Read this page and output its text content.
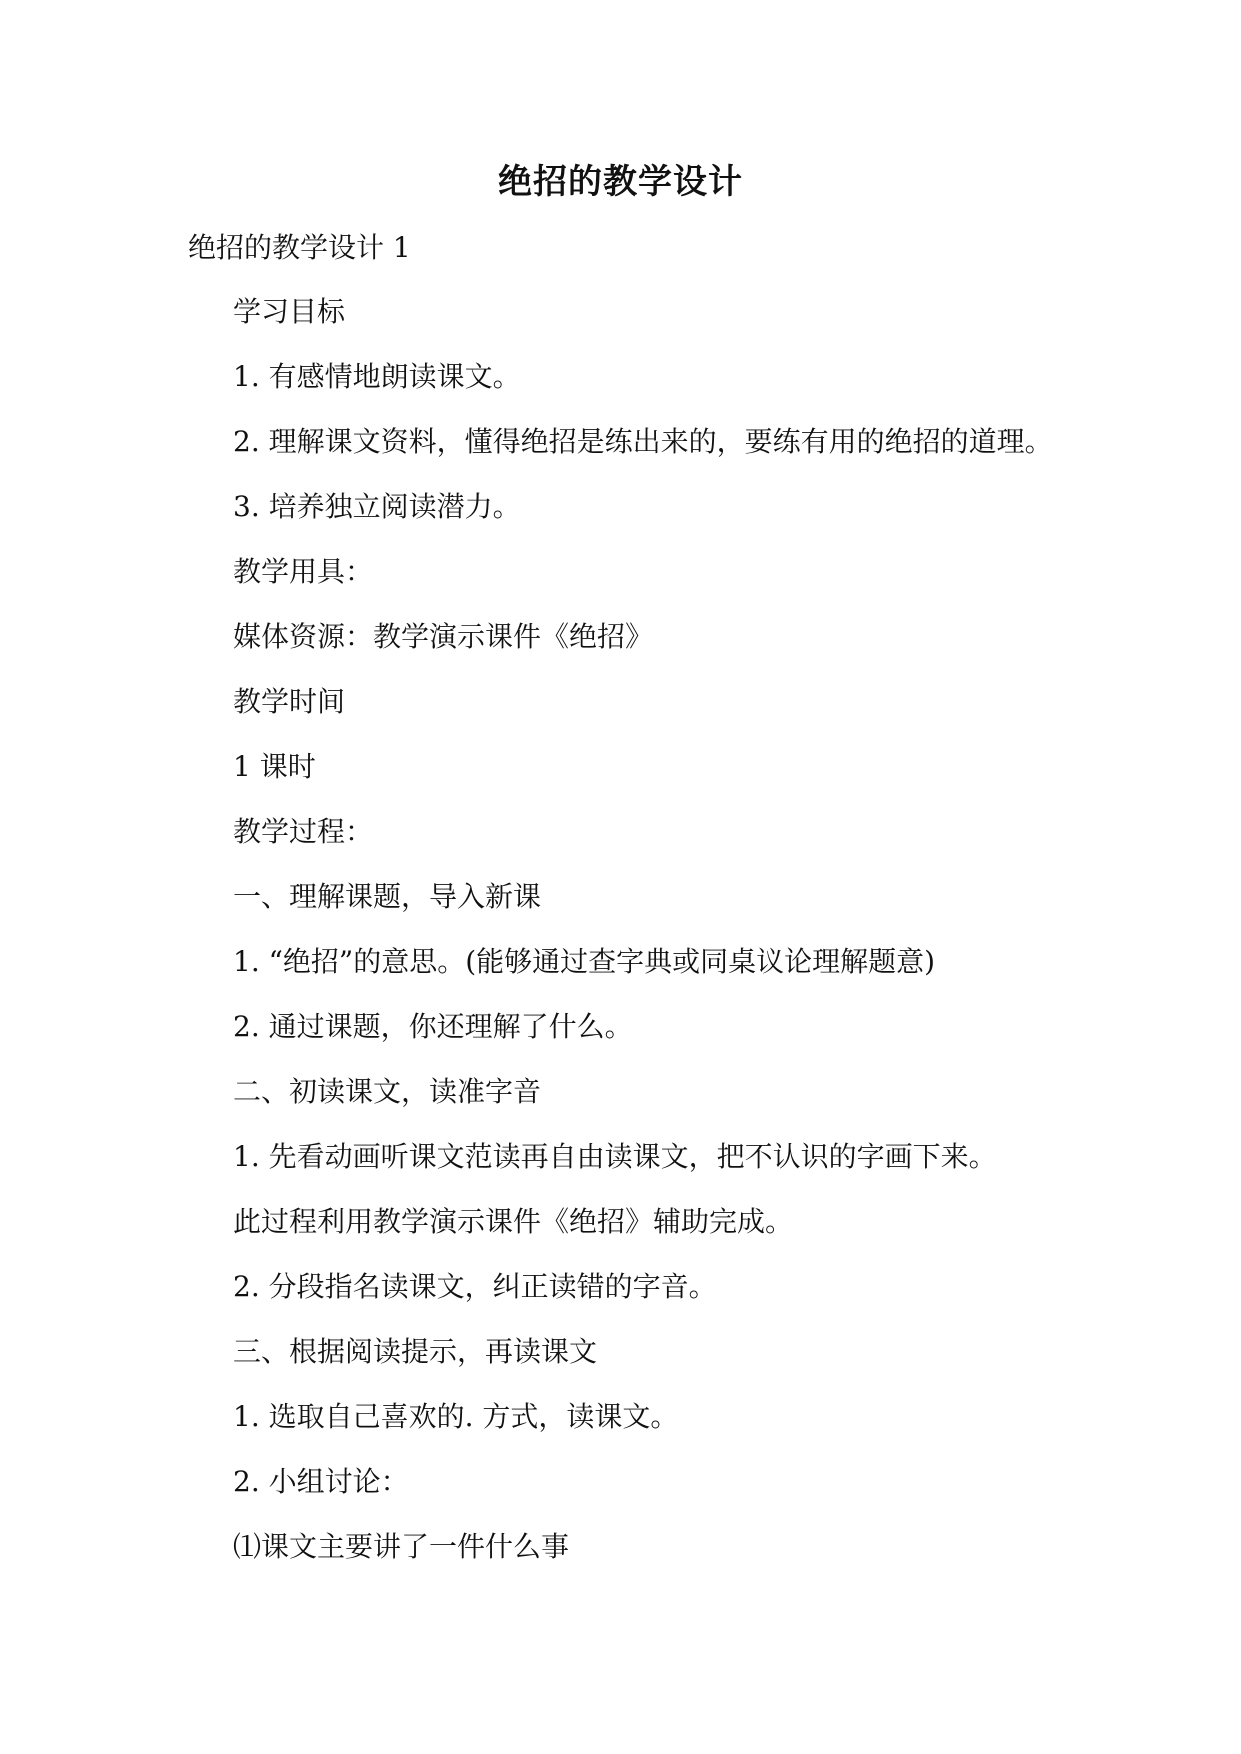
绝招的教学设计
绝招的教学设计 1
学习目标
1. 有感情地朗读课文。
2. 理解课文资料，懂得绝招是练出来的，要练有用的绝招的道理。
3. 培养独立阅读潜力。
教学用具：
媒体资源：教学演示课件《绝招》
教学时间
1 课时
教学过程：
一、理解课题，导入新课
1. “绝招”的意思。(能够通过查字典或同桌议论理解题意)
2. 通过课题，你还理解了什么。
二、初读课文，读准字音
1. 先看动画听课文范读再自由读课文，把不认识的字画下来。
此过程利用教学演示课件《绝招》辅助完成。
2. 分段指名读课文，纠正读错的字音。
三、根据阅读提示，再读课文
1. 选取自己喜欢的. 方式，读课文。
2. 小组讨论：
⑴课文主要讲了一件什么事
